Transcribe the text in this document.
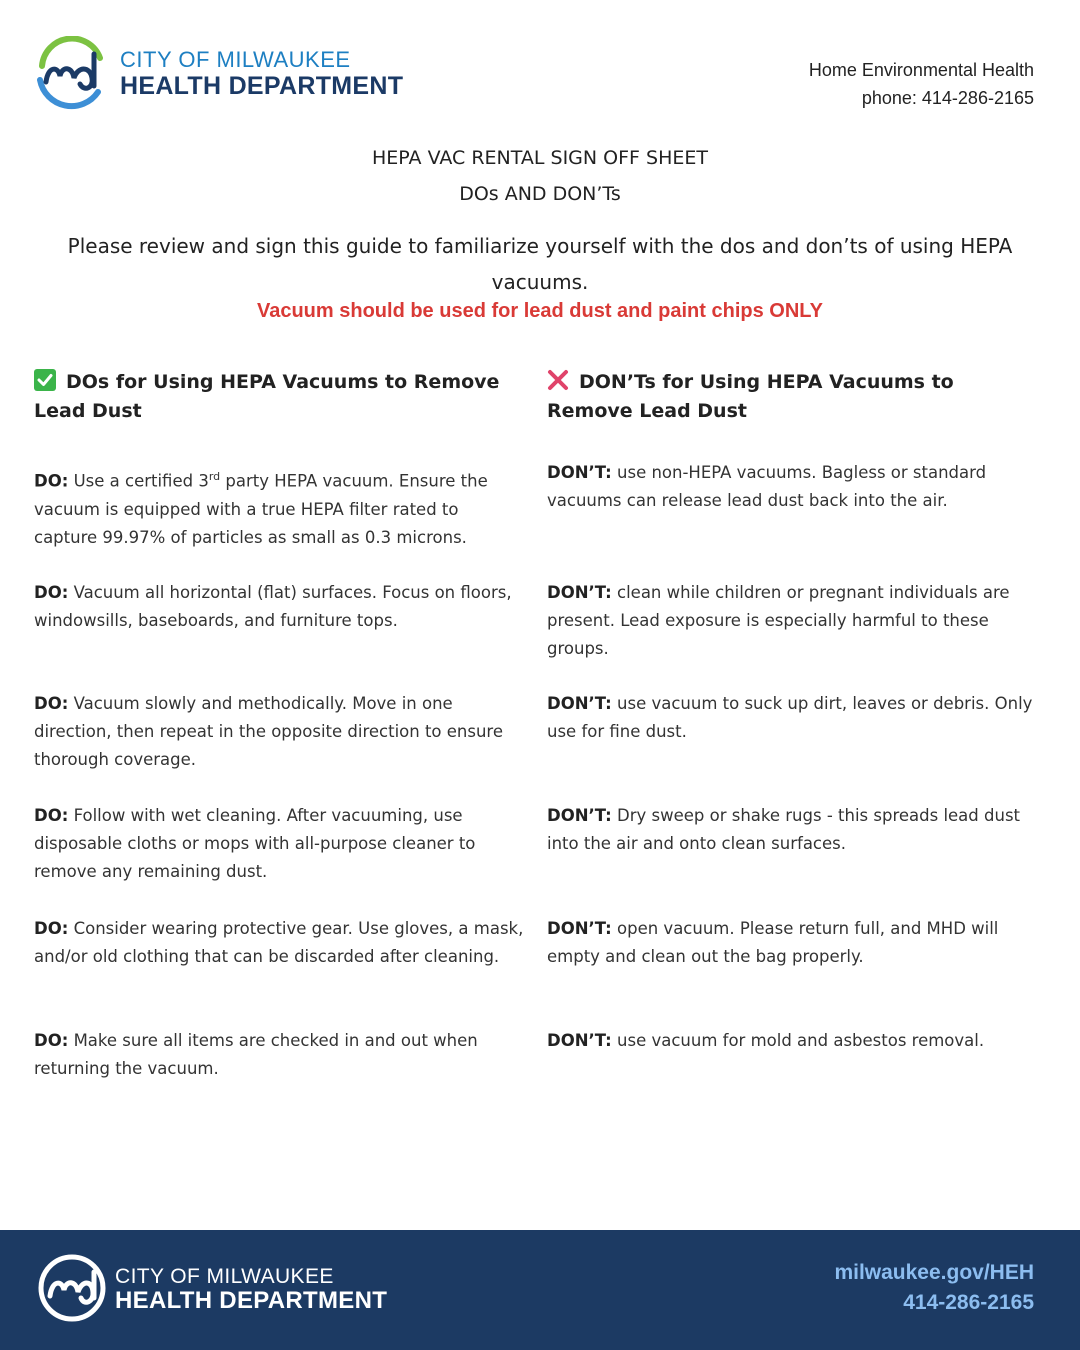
CITY OF MILWAUKEE
HEALTH DEPARTMENT
Home Environmental Health
phone: 414-286-2165
HEPA VAC RENTAL SIGN OFF SHEET
DOs AND DON’Ts
Please review and sign this guide to familiarize yourself with the dos and don’ts of using HEPA vacuums.
Vacuum should be used for lead dust and paint chips ONLY
DOs for Using HEPA Vacuums to Remove Lead Dust
DO: Use a certified 3rd party HEPA vacuum. Ensure the vacuum is equipped with a true HEPA filter rated to capture 99.97% of particles as small as 0.3 microns.
DO: Vacuum all horizontal (flat) surfaces. Focus on floors, windowsills, baseboards, and furniture tops.
DO: Vacuum slowly and methodically. Move in one direction, then repeat in the opposite direction to ensure thorough coverage.
DO: Follow with wet cleaning. After vacuuming, use disposable cloths or mops with all-purpose cleaner to remove any remaining dust.
DO: Consider wearing protective gear. Use gloves, a mask, and/or old clothing that can be discarded after cleaning.
DO: Make sure all items are checked in and out when returning the vacuum.
DON’Ts for Using HEPA Vacuums to Remove Lead Dust
DON’T: use non-HEPA vacuums. Bagless or standard vacuums can release lead dust back into the air.
DON’T: clean while children or pregnant individuals are present. Lead exposure is especially harmful to these groups.
DON’T: use vacuum to suck up dirt, leaves or debris. Only use for fine dust.
DON’T: Dry sweep or shake rugs - this spreads lead dust into the air and onto clean surfaces.
DON’T: open vacuum. Please return full, and MHD will empty and clean out the bag properly.
DON’T: use vacuum for mold and asbestos removal.
CITY OF MILWAUKEE
HEALTH DEPARTMENT
milwaukee.gov/HEH
414-286-2165
